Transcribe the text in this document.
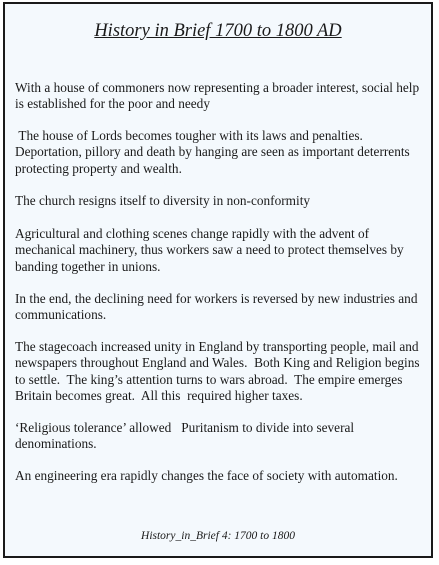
History in Brief 1700 to 1800 AD

With a house of commoners now representing a broader interest, social help is established for the poor and needy

The house of Lords becomes tougher with its laws and penalties. Deportation, pillory and death by hanging are seen as important deterrents protecting property and wealth.

The church resigns itself to diversity in non-conformity

Agricultural and clothing scenes change rapidly with the advent of mechanical machinery, thus workers saw a need to protect themselves by banding together in unions.

In the end, the declining need for workers is reversed by new industries and communications.

The stagecoach increased unity in England by transporting people, mail and newspapers throughout England and Wales.  Both King and Religion begins to settle.  The king’s attention turns to wars abroad.  The empire emerges Britain becomes great.  All this  required higher taxes.

‘Religious tolerance’ allowed   Puritanism to divide into several denominations.

An engineering era rapidly changes the face of society with automation.

History_in_Brief 4: 1700 to 1800
